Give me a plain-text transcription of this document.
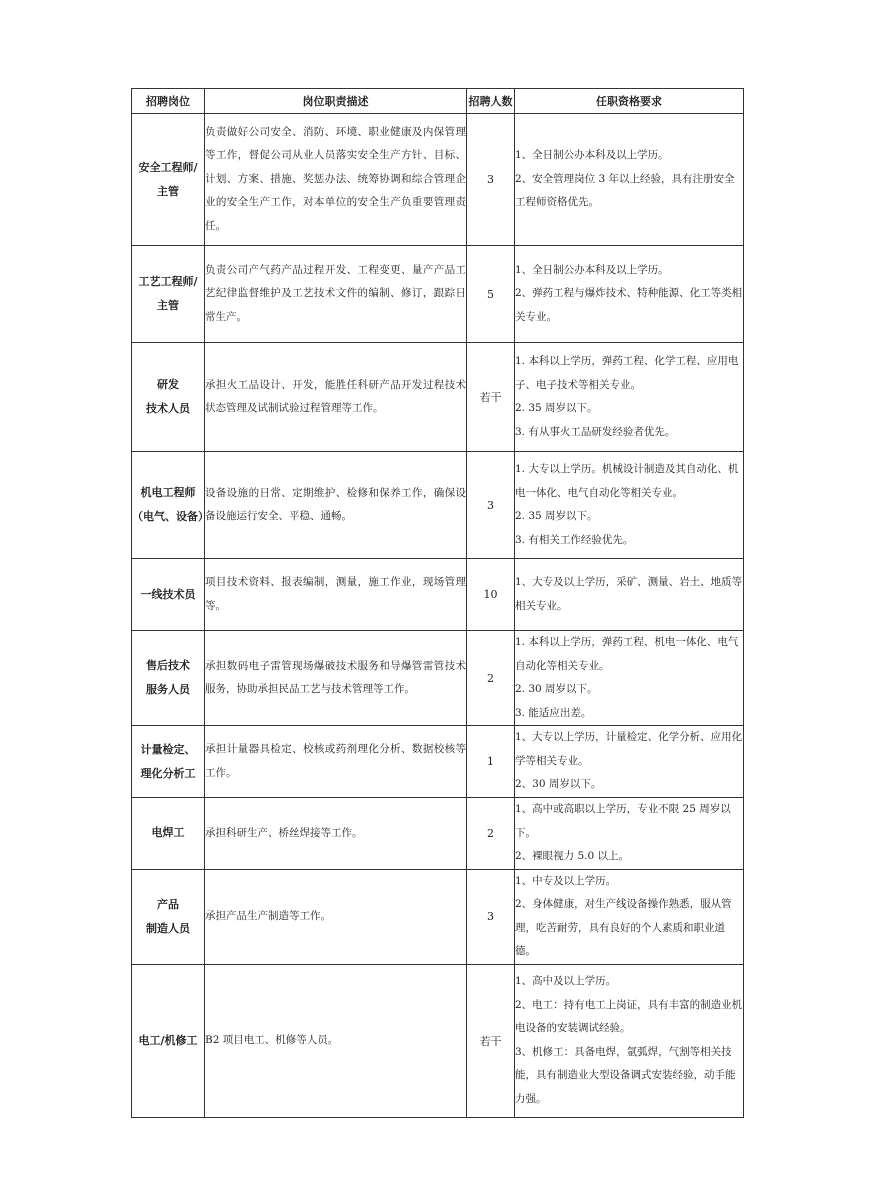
招聘岗位	岗位职责描述	招聘人数	任职资格要求

安全工程师/
主管	负责做好公司安全、消防、环境、职业健康及内保管理等工作，督促公司从业人员落实安全生产方针、目标、计划、方案、措施、奖惩办法、统筹协调和综合管理企业的安全生产工作，对本单位的安全生产负重要管理责任。	3	1、全日制公办本科及以上学历。
2、安全管理岗位 3 年以上经验，具有注册安全工程师资格优先。

工艺工程师/
主管	负责公司产气药产品过程开发、工程变更、量产产品工艺纪律监督维护及工艺技术文件的编制、修订，跟踪日常生产。	5	1、全日制公办本科及以上学历。
2、弹药工程与爆炸技术、特种能源、化工等类相关专业。

研发
技术人员	承担火工品设计、开发，能胜任科研产品开发过程技术状态管理及试制试验过程管理等工作。	若干	1. 本科以上学历，弹药工程、化学工程、应用电子、电子技术等相关专业。
2. 35 周岁以下。
3. 有从事火工品研发经验者优先。

机电工程师
（电气、设备）	设备设施的日常、定期维护、检修和保养工作，确保设备设施运行安全、平稳、通畅。	3	1. 大专以上学历。机械设计制造及其自动化、机电一体化、电气自动化等相关专业。
2. 35 周岁以下。
3. 有相关工作经验优先。

一线技术员	项目技术资料、报表编制，测量，施工作业，现场管理等。	10	1、大专及以上学历，采矿、测量、岩土、地质等相关专业。

售后技术
服务人员	承担数码电子雷管现场爆破技术服务和导爆管雷管技术服务，协助承担民品工艺与技术管理等工作。	2	1. 本科以上学历，弹药工程、机电一体化、电气自动化等相关专业。
2. 30 周岁以下。
3. 能适应出差。

计量检定、
理化分析工	承担计量器具检定、校核或药剂理化分析、数据校核等工作。	1	1、大专以上学历，计量检定、化学分析、应用化学等相关专业。
2、30 周岁以下。

电焊工	承担科研生产、桥丝焊接等工作。	2	1、高中或高职以上学历，专业不限 25 周岁以下。
2、裸眼视力 5.0 以上。

产品
制造人员	承担产品生产制造等工作。	3	1、中专及以上学历。
2、身体健康，对生产线设备操作熟悉，服从管理，吃苦耐劳，具有良好的个人素质和职业道德。

电工/机修工	B2 项目电工、机修等人员。	若干	1、高中及以上学历。
2、电工：持有电工上岗证，具有丰富的制造业机电设备的安装调试经验。
3、机修工：具备电焊，氩弧焊，气割等相关技能，具有制造业大型设备调式安装经验，动手能力强。
